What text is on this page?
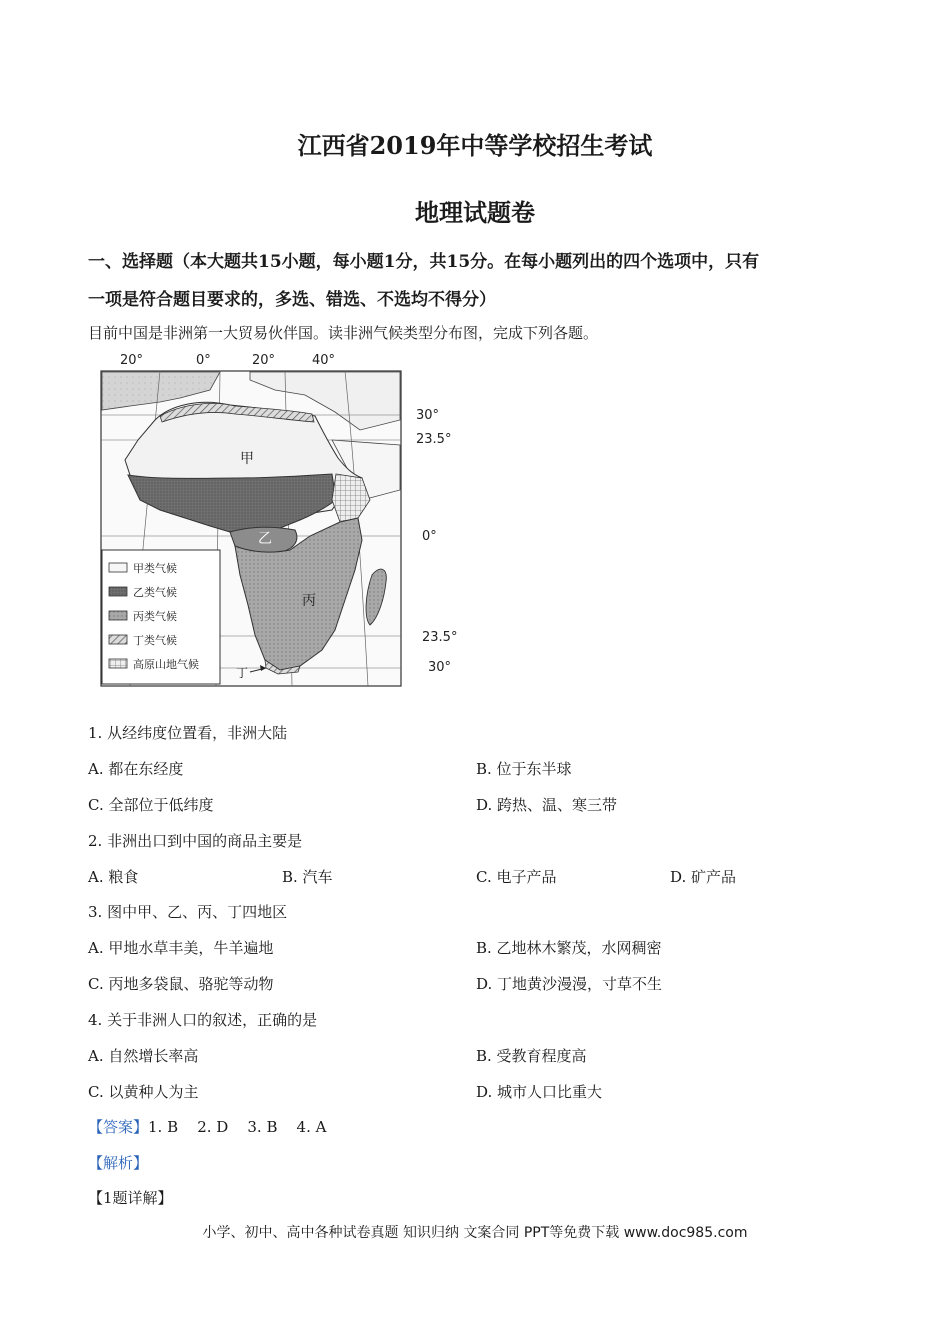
江西省2019年中等学校招生考试
地理试题卷
一、选择题（本大题共15小题，每小题1分，共15分。在每小题列出的四个选项中，只有
一项是符合题目要求的，多选、错选、不选均不得分）
目前中国是非洲第一大贸易伙伴国。读非洲气候类型分布图，完成下列各题。
20°	0°	20°	40°
30°
23.5°
0°
23.5°
30°
甲
乙
丙
丁
甲类气候
乙类气候
丙类气候
丁类气候
高原山地气候
1. 从经纬度位置看，非洲大陆
A. 都在东经度	B. 位于东半球
C. 全部位于低纬度	D. 跨热、温、寒三带
2. 非洲出口到中国的商品主要是
A. 粮食	B. 汽车	C. 电子产品	D. 矿产品
3. 图中甲、乙、丙、丁四地区
A. 甲地水草丰美，牛羊遍地	B. 乙地林木繁茂，水网稠密
C. 丙地多袋鼠、骆驼等动物	D. 丁地黄沙漫漫，寸草不生
4. 关于非洲人口的叙述，正确的是
A. 自然增长率高	B. 受教育程度高
C. 以黄种人为主	D. 城市人口比重大
【答案】1. B    2. D    3. B    4. A
【解析】
【1题详解】
小学、初中、高中各种试卷真题 知识归纳 文案合同 PPT等免费下载 www.doc985.com
